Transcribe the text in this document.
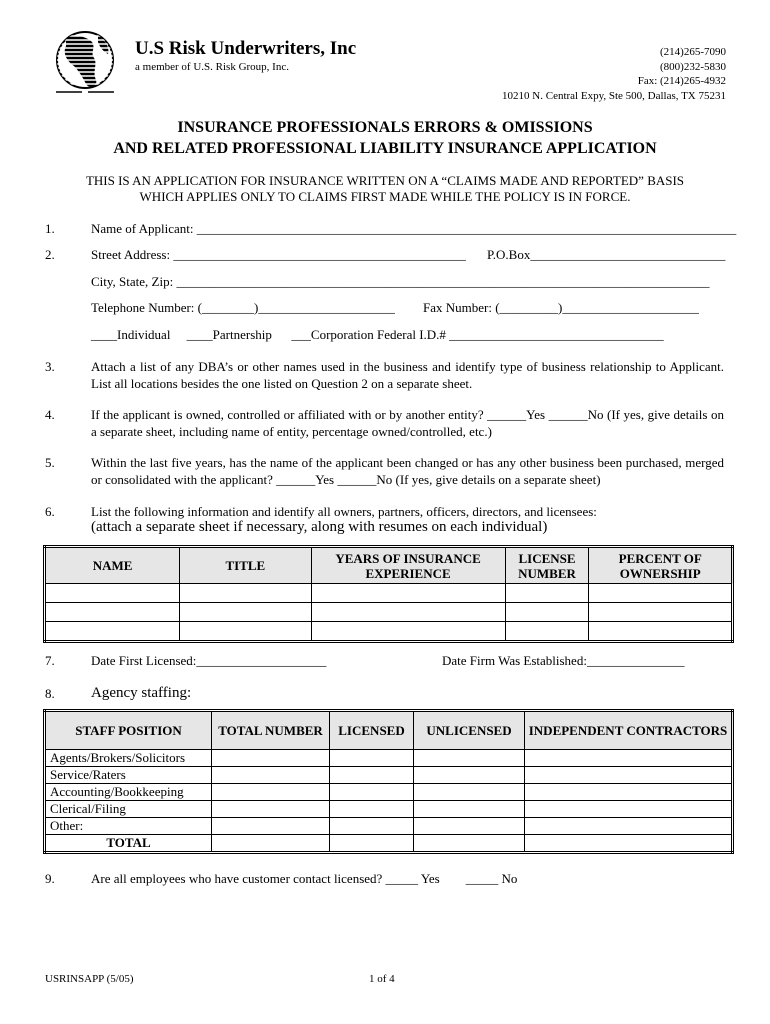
U.S Risk Underwriters, Inc
a member of U.S. Risk Group, Inc.
(214)265-7090
(800)232-5830
Fax: (214)265-4932
10210 N. Central Expy, Ste 500, Dallas, TX 75231
INSURANCE PROFESSIONALS ERRORS & OMISSIONS
AND RELATED PROFESSIONAL LIABILITY INSURANCE APPLICATION
THIS IS AN APPLICATION FOR INSURANCE WRITTEN ON A “CLAIMS MADE AND REPORTED” BASIS
WHICH APPLIES ONLY TO CLAIMS FIRST MADE WHILE THE POLICY IS IN FORCE.
1.	Name of Applicant: ___________________________________________________________________________________
2.	Street Address: _____________________________________________ P.O.Box______________________________
City, State, Zip: __________________________________________________________________________________
Telephone Number: (________)_____________________ Fax Number: (_________)_____________________
____Individual     ____Partnership      ___Corporation Federal I.D.# _________________________________
3.	Attach a list of any DBA’s or other names used in the business and identify type of business relationship to Applicant. List all locations besides the one listed on Question 2 on a separate sheet.
4.	If the applicant is owned, controlled or affiliated with or by another entity? ______Yes ______No (If yes, give details on a separate sheet, including name of entity, percentage owned/controlled, etc.)
5.	Within the last five years, has the name of the applicant been changed or has any other business been purchased, merged or consolidated with the applicant? ______Yes ______No (If yes, give details on a separate sheet)
6.	List the following information and identify all owners, partners, officers, directors, and licensees:
(attach a separate sheet if necessary, along with resumes on each individual)
NAME	TITLE	YEARS OF INSURANCE EXPERIENCE	LICENSE NUMBER	PERCENT OF OWNERSHIP

7.	Date First Licensed:____________________	Date Firm Was Established:_______________
8. Agency staffing:
STAFF POSITION	TOTAL NUMBER	LICENSED	UNLICENSED	INDEPENDENT CONTRACTORS
Agents/Brokers/Solicitors				
Service/Raters				
Accounting/Bookkeeping				
Clerical/Filing				
Other:				
TOTAL				
9.	Are all employees who have customer contact licensed? _____ Yes        _____ No
USRINSAPP (5/05)	1 of 4
